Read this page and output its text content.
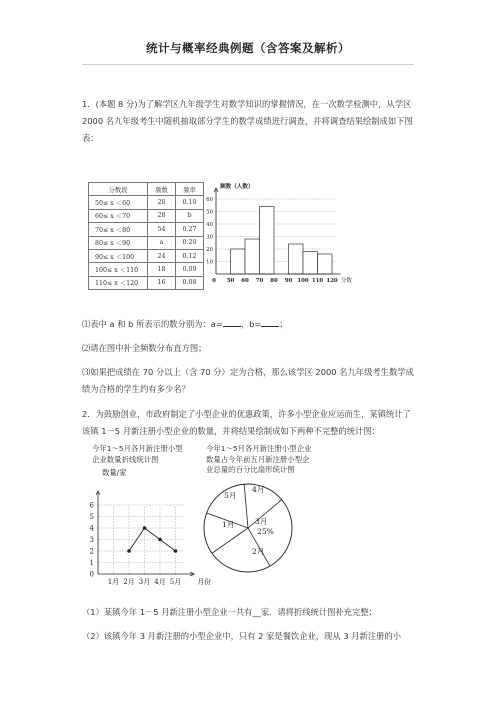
统计与概率经典例题（含答案及解析）
1．(本题 8 分)为了解学区九年级学生对数学知识的掌握情况，在一次数学检测中，从学区 2000 名九年级考生中随机抽取部分学生的数学成绩进行调查，并将调查结果绘制成如下图表：
分数段	频数	频率
50≤ x ＜60	20	0.10
60≤ x ＜70	28	b
70≤ x ＜80	54	0.27
80≤ x ＜90	a	0.20
90≤ x ＜100	24	0.12
100≤ x ＜110	18	0.09
110≤ x ＜120	16	0.08
10
20
30
40
50
60
0 50 60 70 80 90 100 110 120 分数
频数（人数）
⑴表中 a 和 b 所表示的数分别为：a= ，b= ；
⑵请在图中补全频数分布直方图；
⑶如果把成绩在 70 分以上（含 70 分）定为合格，那么该学区 2000 名九年级考生数学成绩为合格的学生约有多少名？
2．为鼓励创业，市政府制定了小型企业的优惠政策，许多小型企业应运而生，某镇统计了该镇 1－5 月新注册小型企业的数量，并将结果绘制成如下两种不完整的统计图：
今年1～5月各月新注册小型企业数量折线统计图
今年1～5月各月新注册小型企业数量占今年前五月新注册小型企业总量的百分比扇形统计图
0
1
2
3
4
5
6
1月 2月 3月 4月 5月
数量/家
月份
5月
4月
1月	3月
2月
25%
（1）某镇今年 1－5 月新注册小型企业一共有__家．请将折线统计图补充完整；
（2）该镇今年 3 月新注册的小型企业中，只有 2 家是餐饮企业，现从 3 月新注册的小
